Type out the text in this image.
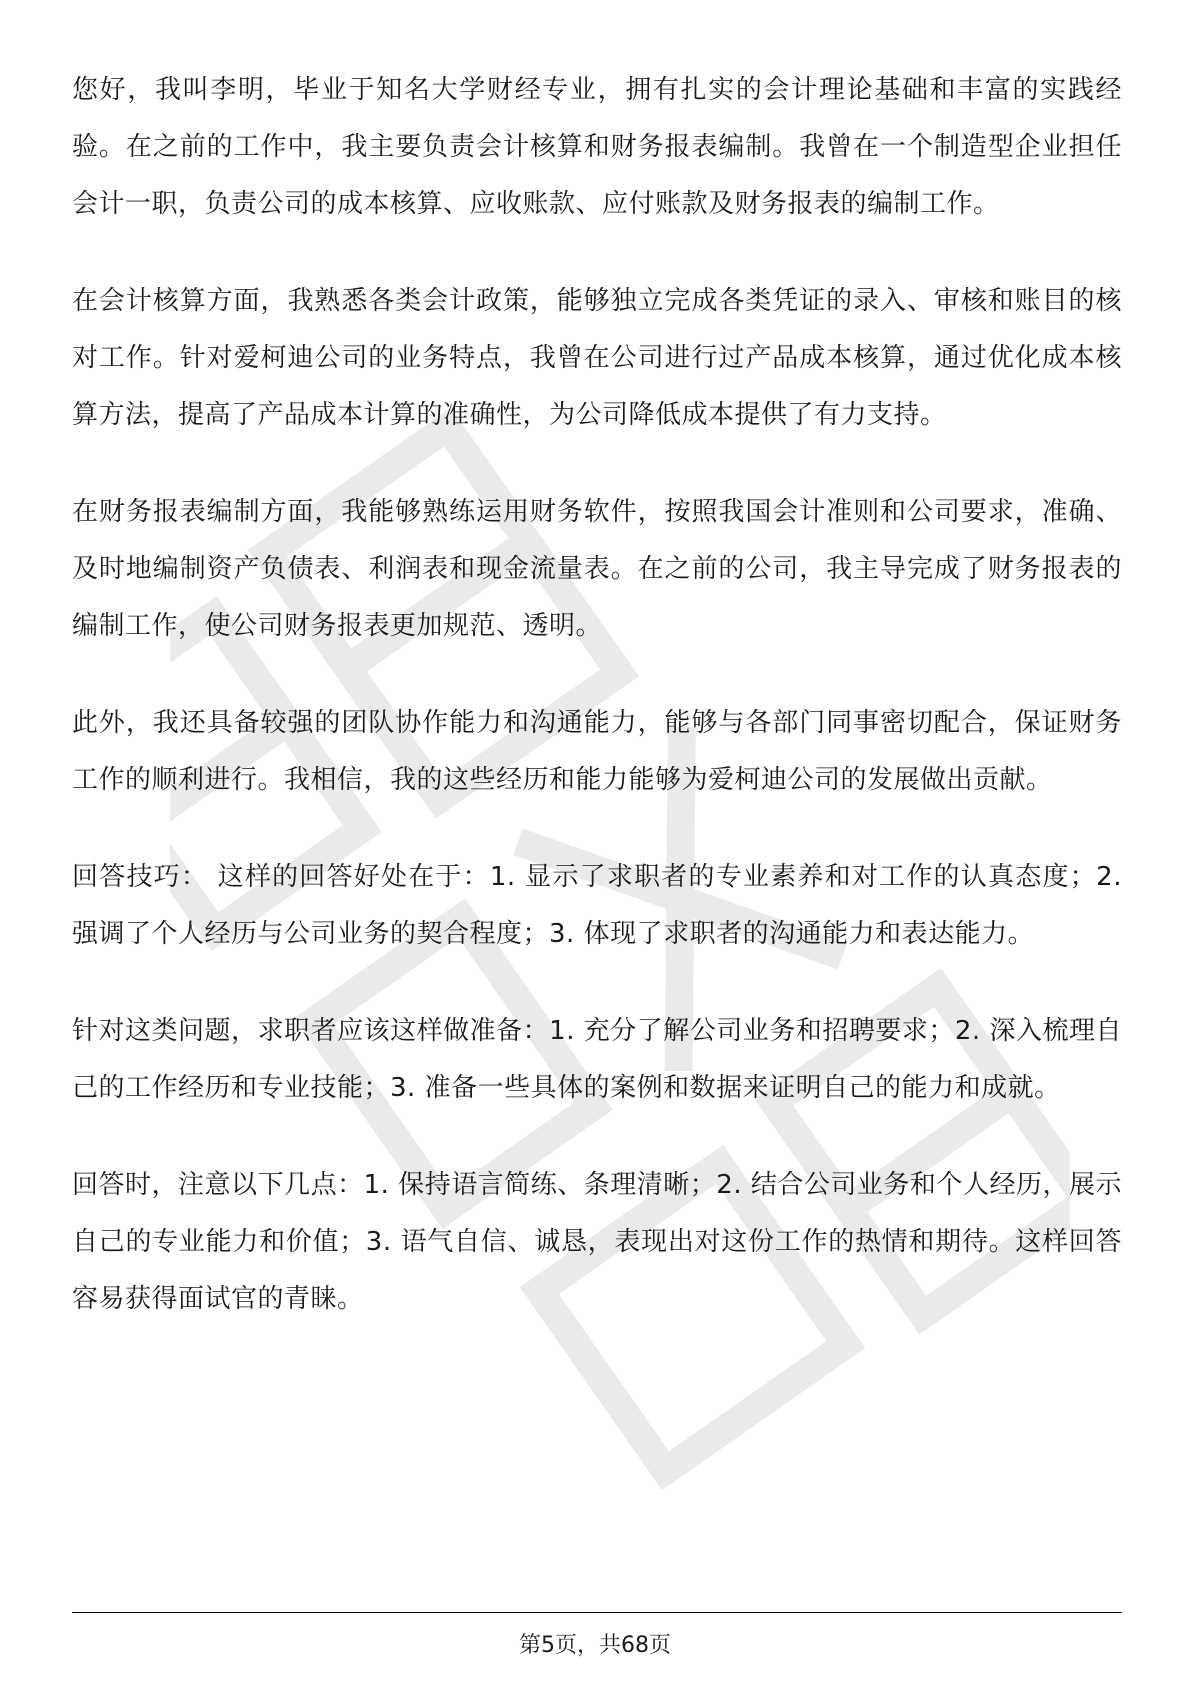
您好，我叫李明，毕业于知名大学财经专业，拥有扎实的会计理论基础和丰富的实践经验。在之前的工作中，我主要负责会计核算和财务报表编制。我曾在一个制造型企业担任会计一职，负责公司的成本核算、应收账款、应付账款及财务报表的编制工作。

在会计核算方面，我熟悉各类会计政策，能够独立完成各类凭证的录入、审核和账目的核对工作。针对爱柯迪公司的业务特点，我曾在公司进行过产品成本核算，通过优化成本核算方法，提高了产品成本计算的准确性，为公司降低成本提供了有力支持。

在财务报表编制方面，我能够熟练运用财务软件，按照我国会计准则和公司要求，准确、及时地编制资产负债表、利润表和现金流量表。在之前的公司，我主导完成了财务报表的编制工作，使公司财务报表更加规范、透明。

此外，我还具备较强的团队协作能力和沟通能力，能够与各部门同事密切配合，保证财务工作的顺利进行。我相信，我的这些经历和能力能够为爱柯迪公司的发展做出贡献。

回答技巧： 这样的回答好处在于：1. 显示了求职者的专业素养和对工作的认真态度；2. 强调了个人经历与公司业务的契合程度；3. 体现了求职者的沟通能力和表达能力。

针对这类问题，求职者应该这样做准备：1. 充分了解公司业务和招聘要求；2. 深入梳理自己的工作经历和专业技能；3. 准备一些具体的案例和数据来证明自己的能力和成就。

回答时，注意以下几点：1. 保持语言简练、条理清晰；2. 结合公司业务和个人经历，展示自己的专业能力和价值；3. 语气自信、诚恳，表现出对这份工作的热情和期待。这样回答容易获得面试官的青睐。

第5页，共68页
